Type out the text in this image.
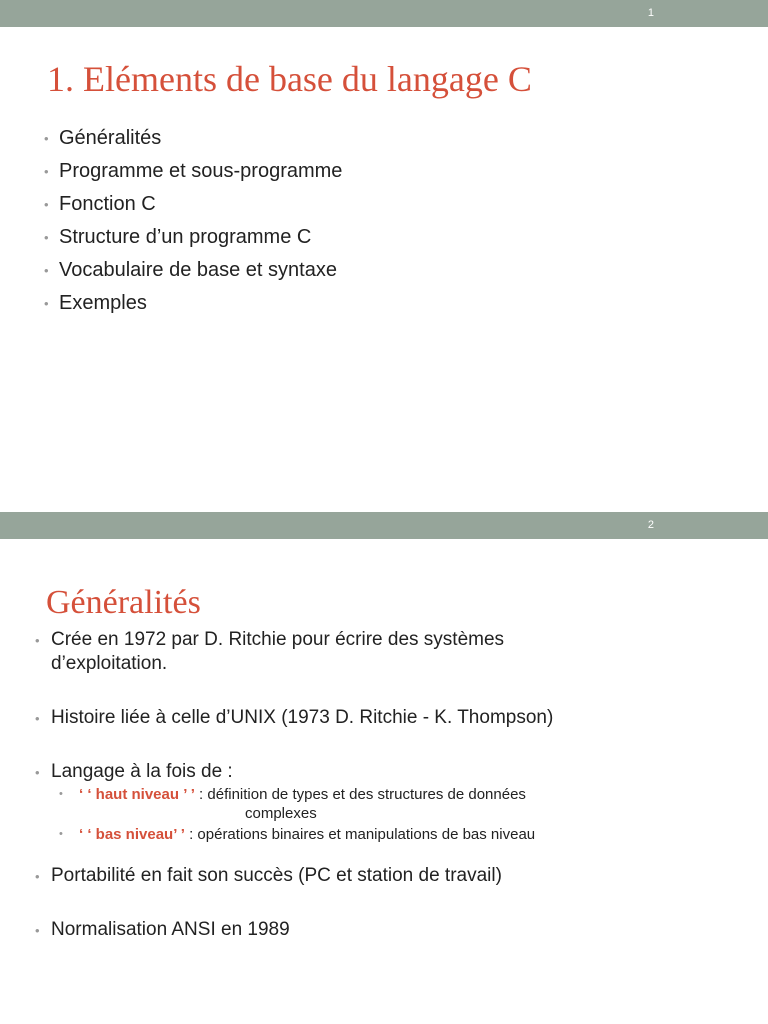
1
1. Eléments de base du langage C
• Généralités
• Programme et sous-programme
• Fonction C
• Structure d’un programme C
• Vocabulaire de base et syntaxe
• Exemples
2
Généralités
• Crée en 1972 par D. Ritchie pour écrire des systèmes
d’exploitation.
• Histoire liée à celle d’UNIX (1973 D. Ritchie - K. Thompson)
• Langage à la fois de :
• ‘ ‘ haut niveau ’ ’ : définition de types et des structures de données
complexes
• ‘ ‘ bas niveau’ ’ : opérations binaires et manipulations de bas niveau
• Portabilité en fait son succès (PC et station de travail)
• Normalisation ANSI en 1989
